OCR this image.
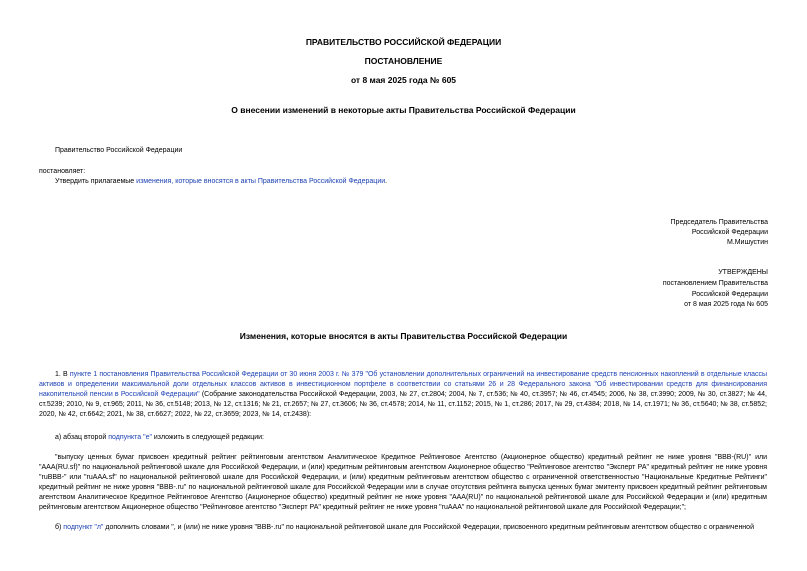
ПРАВИТЕЛЬСТВО РОССИЙСКОЙ ФЕДЕРАЦИИ
ПОСТАНОВЛЕНИЕ
от 8 мая 2025 года № 605
О внесении изменений в некоторые акты Правительства Российской Федерации
Правительство Российской Федерации
постановляет:
Утвердить прилагаемые изменения, которые вносятся в акты Правительства Российской Федерации.
Председатель Правительства
Российской Федерации
М.Мишустин
УТВЕРЖДЕНЫ
постановлением Правительства
Российской Федерации
от 8 мая 2025 года № 605
Изменения, которые вносятся в акты Правительства Российской Федерации

1. В пункте 1 постановления Правительства Российской Федерации от 30 июня 2003 г. № 379 "Об установлении дополнительных ограничений на инвестирование средств пенсионных накоплений в отдельные классы активов и определении максимальной доли отдельных классов активов в инвестиционном портфеле в соответствии со статьями 26 и 28 Федерального закона "Об инвестировании средств для финансирования накопительной пенсии в Российской Федерации" (Собрание законодательства Российской Федерации, 2003, № 27, ст.2804; 2004, № 7, ст.536; № 40, ст.3957; № 46, ст.4545; 2006, № 38, ст.3990; 2009, № 30, ст.3827; № 44, ст.5239; 2010, № 9, ст.965; 2011, № 36, ст.5148; 2013, № 12, ст.1316; № 21, ст.2657; № 27, ст.3606; № 36, ст.4578; 2014, № 11, ст.1152; 2015, № 1, ст.286; 2017, № 29, ст.4384; 2018, № 14, ст.1971; № 36, ст.5640; № 38, ст.5852; 2020, № 42, ст.6642; 2021, № 38, ст.6627; 2022, № 22, ст.3659; 2023, № 14, ст.2438):

а) абзац второй подпункта "е" изложить в следующей редакции:

"выпуску ценных бумаг присвоен кредитный рейтинг рейтинговым агентством Аналитическое Кредитное Рейтинговое Агентство (Акционерное общество) кредитный рейтинг не ниже уровня "BBB-(RU)" или "AAA(RU.sf)" по национальной рейтинговой шкале для Российской Федерации, и (или) кредитным рейтинговым агентством Акционерное общество "Рейтинговое агентство "Эксперт РА" кредитный рейтинг не ниже уровня "ruBBB-" или "ruAAA.sf" по национальной рейтинговой шкале для Российской Федерации, и (или) кредитным рейтинговым агентством общество с ограниченной ответственностью "Национальные Кредитные Рейтинги" кредитный рейтинг не ниже уровня "BBB-.ru" по национальной рейтинговой шкале для Российской Федерации или в случае отсутствия рейтинга выпуска ценных бумаг эмитенту присвоен кредитный рейтинг рейтинговым агентством Аналитическое Кредитное Рейтинговое Агентство (Акционерное общество) кредитный рейтинг не ниже уровня "AAA(RU)" по национальной рейтинговой шкале для Российской Федерации и (или) кредитным рейтинговым агентством Акционерное общество "Рейтинговое агентство "Эксперт РА" кредитный рейтинг не ниже уровня "ruAAA" по национальной рейтинговой шкале для Российской Федерации;";

б) подпункт "л" дополнить словами ", и (или) не ниже уровня "BBB-.ru" по национальной рейтинговой шкале для Российской Федерации, присвоенного кредитным рейтинговым агентством общество с ограниченной
